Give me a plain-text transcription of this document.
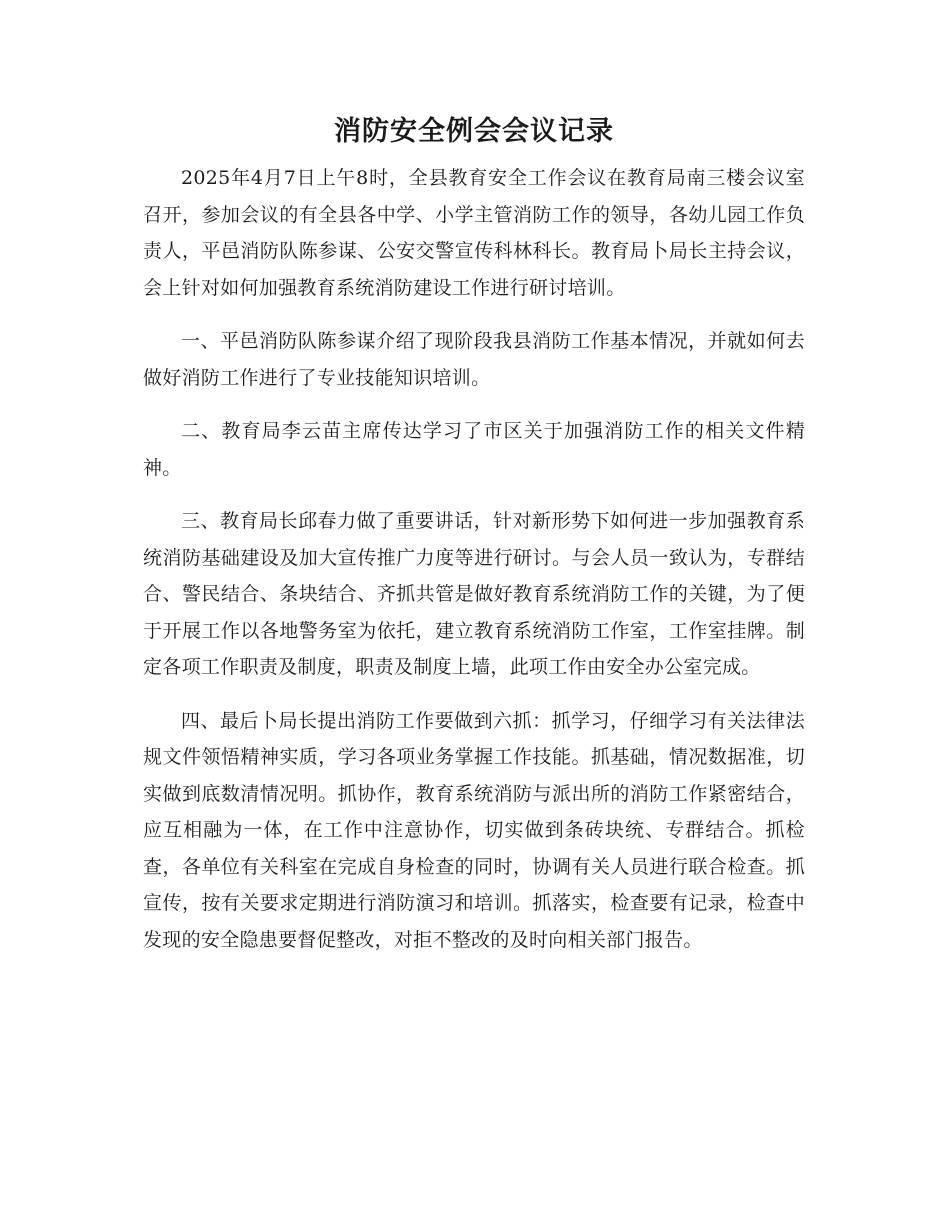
消防安全例会会议记录

2025年4月7日上午8时，全县教育安全工作会议在教育局南三楼会议室召开，参加会议的有全县各中学、小学主管消防工作的领导，各幼儿园工作负责人，平邑消防队陈参谋、公安交警宣传科林科长。教育局卜局长主持会议，会上针对如何加强教育系统消防建设工作进行研讨培训。

一、平邑消防队陈参谋介绍了现阶段我县消防工作基本情况，并就如何去做好消防工作进行了专业技能知识培训。

二、教育局李云苗主席传达学习了市区关于加强消防工作的相关文件精神。

三、教育局长邱春力做了重要讲话，针对新形势下如何进一步加强教育系统消防基础建设及加大宣传推广力度等进行研讨。与会人员一致认为，专群结合、警民结合、条块结合、齐抓共管是做好教育系统消防工作的关键，为了便于开展工作以各地警务室为依托，建立教育系统消防工作室，工作室挂牌。制定各项工作职责及制度，职责及制度上墙，此项工作由安全办公室完成。

四、最后卜局长提出消防工作要做到六抓：抓学习，仔细学习有关法律法规文件领悟精神实质，学习各项业务掌握工作技能。抓基础，情况数据准，切实做到底数清情况明。抓协作，教育系统消防与派出所的消防工作紧密结合，应互相融为一体，在工作中注意协作，切实做到条砖块统、专群结合。抓检查，各单位有关科室在完成自身检查的同时，协调有关人员进行联合检查。抓宣传，按有关要求定期进行消防演习和培训。抓落实，检查要有记录，检查中发现的安全隐患要督促整改，对拒不整改的及时向相关部门报告。
